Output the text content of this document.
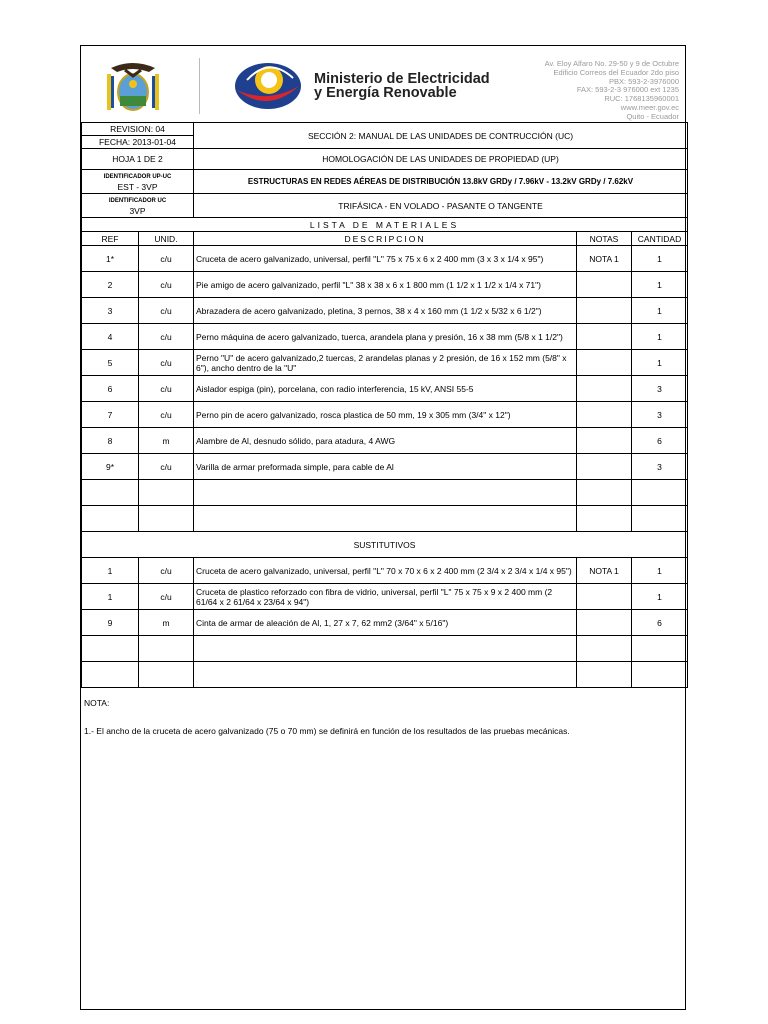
Ministerio de Electricidad
y Energía Renovable
Av. Eloy Alfaro No. 29-50 y 9 de Octubre
Edificio Correos del Ecuador 2do piso
PBX: 593-2-3976000
FAX: 593-2-3 976000 ext 1235
RUC: 1768135960001
www.meer.gov.ec
Quito - Ecuador
REVISION: 04		SECCIÓN 2: MANUAL DE LAS UNIDADES DE CONTRUCCIÓN (UC)		
FECHA: 2013-01-04				
HOJA 1 DE 2		HOMOLOGACIÓN DE LAS UNIDADES DE PROPIEDAD (UP)		

IDENTIFICADOR UP-UC
EST - 3VP		ESTRUCTURAS EN REDES AÉREAS DE DISTRIBUCIÓN 13.8kV GRDy / 7.96kV - 13.2kV GRDy / 7.62kV		

IDENTIFICADOR UC
3VP		TRIFÁSICA - EN VOLADO - PASANTE O TANGENTE		
LISTA DE MATERIALES				
REF	UNID.	DESCRIPCION	NOTAS	CANTIDAD
1*	c/u	Cruceta de acero galvanizado, universal, perfil "L" 75 x 75 x 6 x 2 400 mm (3 x 3 x 1/4 x 95")	NOTA 1	1
2	c/u	Pie amigo de acero galvanizado, perfil "L" 38 x 38 x 6 x 1 800 mm (1 1/2 x 1 1/2 x 1/4 x 71")		1
3	c/u	Abrazadera de acero galvanizado, pletina, 3 pernos, 38 x 4 x 160 mm (1 1/2 x 5/32 x 6 1/2")		1
4	c/u	Perno máquina de acero galvanizado, tuerca, arandela plana y presión, 16 x 38 mm (5/8 x 1 1/2")		1
5	c/u	Perno "U" de acero galvanizado,2 tuercas, 2 arandelas planas y 2 presión, de 16 x 152 mm (5/8" x 6"), ancho dentro de la "U"		1
6	c/u	Aislador espiga (pin), porcelana, con radio interferencia, 15 kV, ANSI 55-5		3
7	c/u	Perno pin de acero galvanizado, rosca plastica de 50 mm, 19 x 305 mm (3/4" x 12")		3
8	m	Alambre de Al, desnudo sólido, para atadura, 4 AWG		6
9*	c/u	Varilla de armar preformada simple, para cable de Al		3

SUSTITUTIVOS				
1	c/u	Cruceta de acero galvanizado, universal, perfil "L" 70 x 70 x 6 x 2 400 mm (2 3/4 x 2 3/4 x 1/4 x 95")	NOTA 1	1
1	c/u	Cruceta de plastico reforzado con fibra de vidrio, universal, perfil "L" 75 x 75 x 9 x 2 400 mm (2 61/64 x 2 61/64 x 23/64 x 94")		1
9	m	Cinta de armar de aleación de Al, 1, 27 x 7, 62 mm2 (3/64" x 5/16")		6

NOTA:
1.- El ancho de la cruceta de acero galvanizado (75 o 70 mm) se definirá en función de los resultados de las pruebas mecánicas.
